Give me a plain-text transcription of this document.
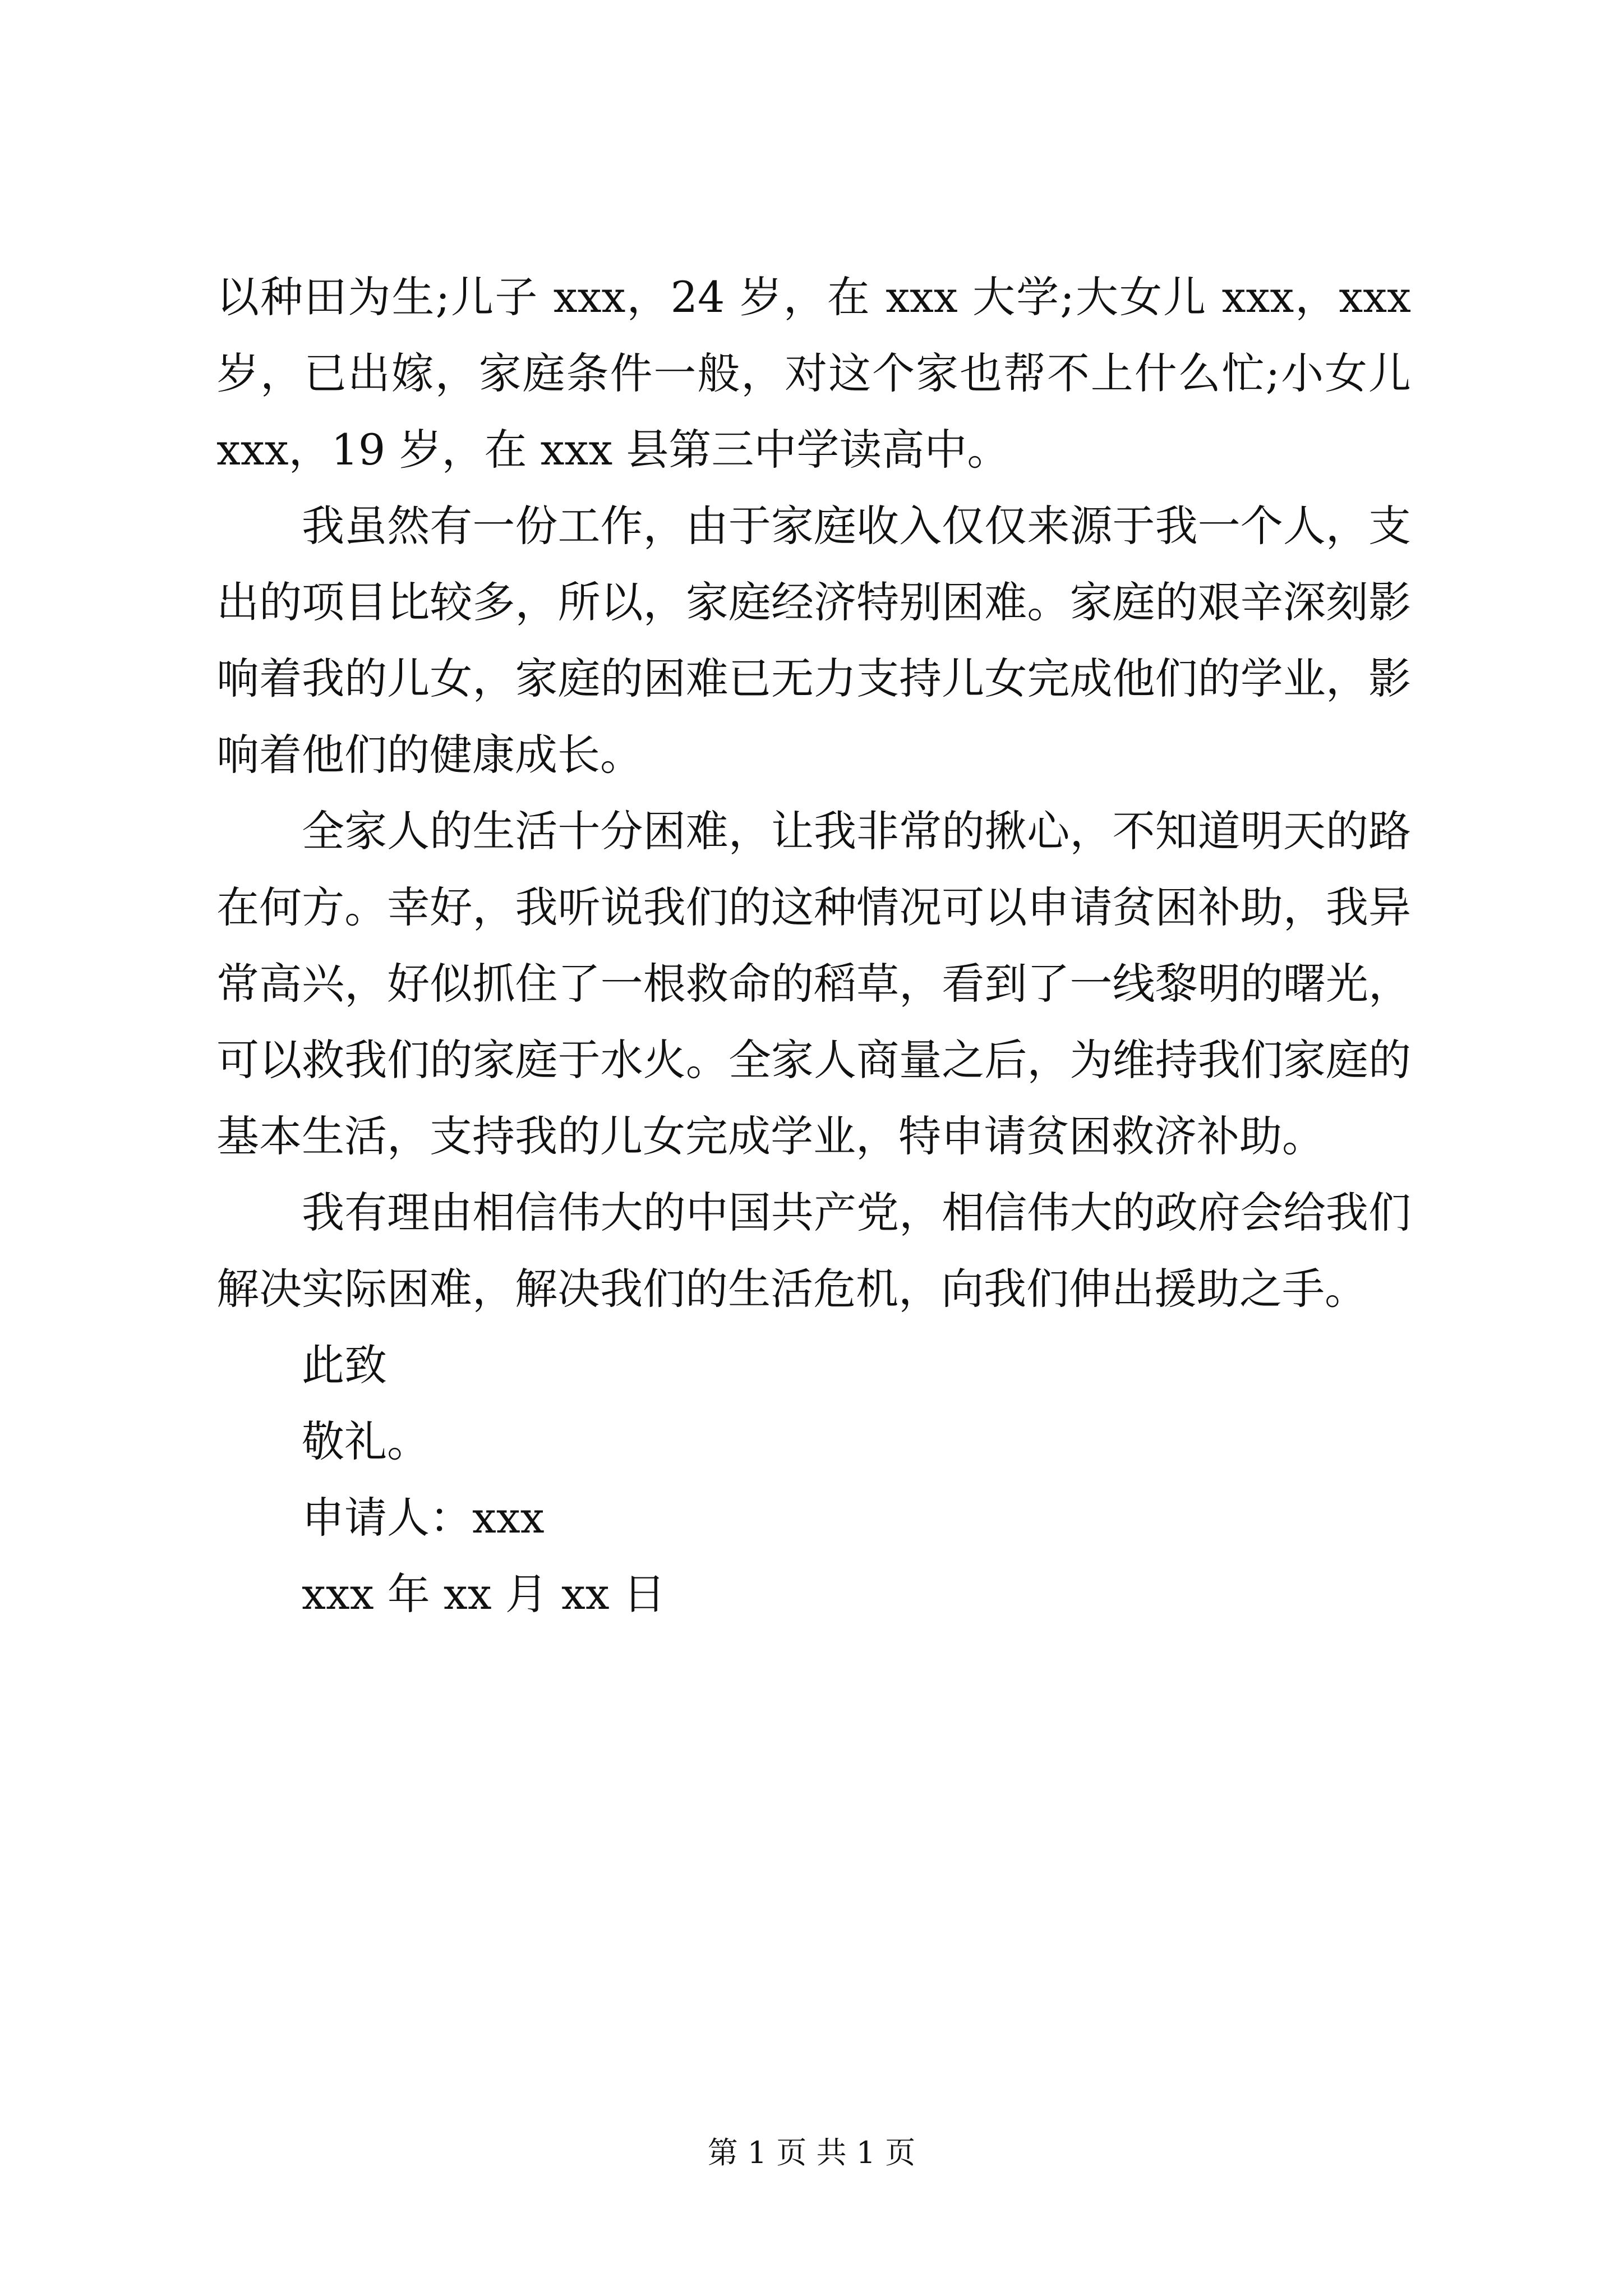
以种田为生;儿子 xxx，24 岁，在 xxx 大学;大女儿 xxx，xxx 岁，已出嫁，家庭条件一般，对这个家也帮不上什么忙;小女儿 xxx，19 岁，在 xxx 县第三中学读高中。

我虽然有一份工作，由于家庭收入仅仅来源于我一个人，支出的项目比较多，所以，家庭经济特别困难。家庭的艰辛深刻影响着我的儿女，家庭的困难已无力支持儿女完成他们的学业，影响着他们的健康成长。

全家人的生活十分困难，让我非常的揪心，不知道明天的路在何方。幸好，我听说我们的这种情况可以申请贫困补助，我异常高兴，好似抓住了一根救命的稻草，看到了一线黎明的曙光，可以救我们的家庭于水火。全家人商量之后，为维持我们家庭的基本生活，支持我的儿女完成学业，特申请贫困救济补助。

我有理由相信伟大的中国共产党，相信伟大的政府会给我们解决实际困难，解决我们的生活危机，向我们伸出援助之手。

此致

敬礼。

申请人：xxx

xxx 年 xx 月 xx 日

第 1 页 共 1 页
